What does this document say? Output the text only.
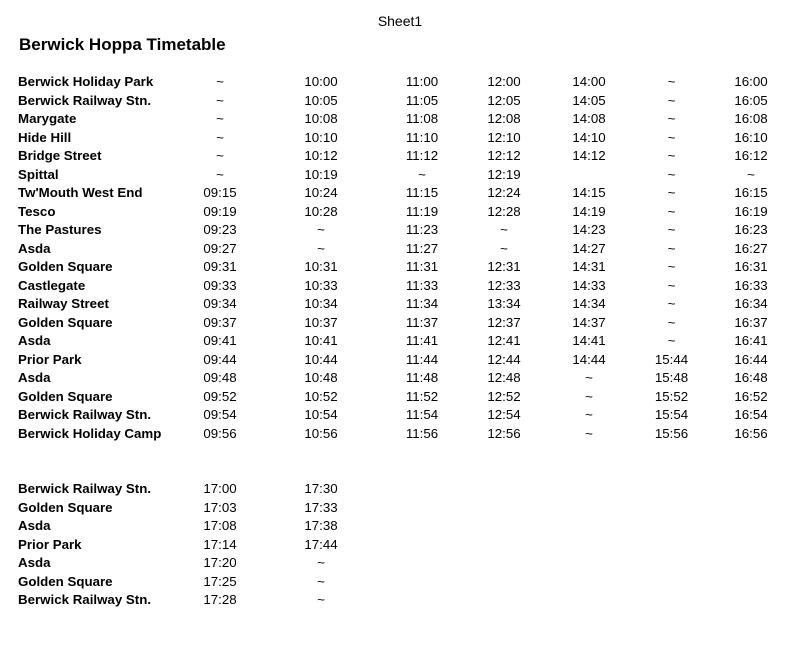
Sheet1
Berwick Hoppa Timetable
Berwick Holiday Park	~	10:00	11:00	12:00	14:00	~	16:00
Berwick Railway Stn.	~	10:05	11:05	12:05	14:05	~	16:05
Marygate	~	10:08	11:08	12:08	14:08	~	16:08
Hide Hill	~	10:10	11:10	12:10	14:10	~	16:10
Bridge Street	~	10:12	11:12	12:12	14:12	~	16:12
Spittal	~	10:19	~	12:19		~	~
Tw'Mouth West End	09:15	10:24	11:15	12:24	14:15	~	16:15
Tesco	09:19	10:28	11:19	12:28	14:19	~	16:19
The Pastures	09:23	~	11:23	~	14:23	~	16:23
Asda	09:27	~	11:27	~	14:27	~	16:27
Golden Square	09:31	10:31	11:31	12:31	14:31	~	16:31
Castlegate	09:33	10:33	11:33	12:33	14:33	~	16:33
Railway Street	09:34	10:34	11:34	13:34	14:34	~	16:34
Golden Square	09:37	10:37	11:37	12:37	14:37	~	16:37
Asda	09:41	10:41	11:41	12:41	14:41	~	16:41
Prior Park	09:44	10:44	11:44	12:44	14:44	15:44	16:44
Asda	09:48	10:48	11:48	12:48	~	15:48	16:48
Golden Square	09:52	10:52	11:52	12:52	~	15:52	16:52
Berwick Railway Stn.	09:54	10:54	11:54	12:54	~	15:54	16:54
Berwick Holiday Camp	09:56	10:56	11:56	12:56	~	15:56	16:56
Berwick Railway Stn.	17:00	17:30
Golden Square	17:03	17:33
Asda	17:08	17:38
Prior Park	17:14	17:44
Asda	17:20	~
Golden Square	17:25	~
Berwick Railway Stn.	17:28	~
